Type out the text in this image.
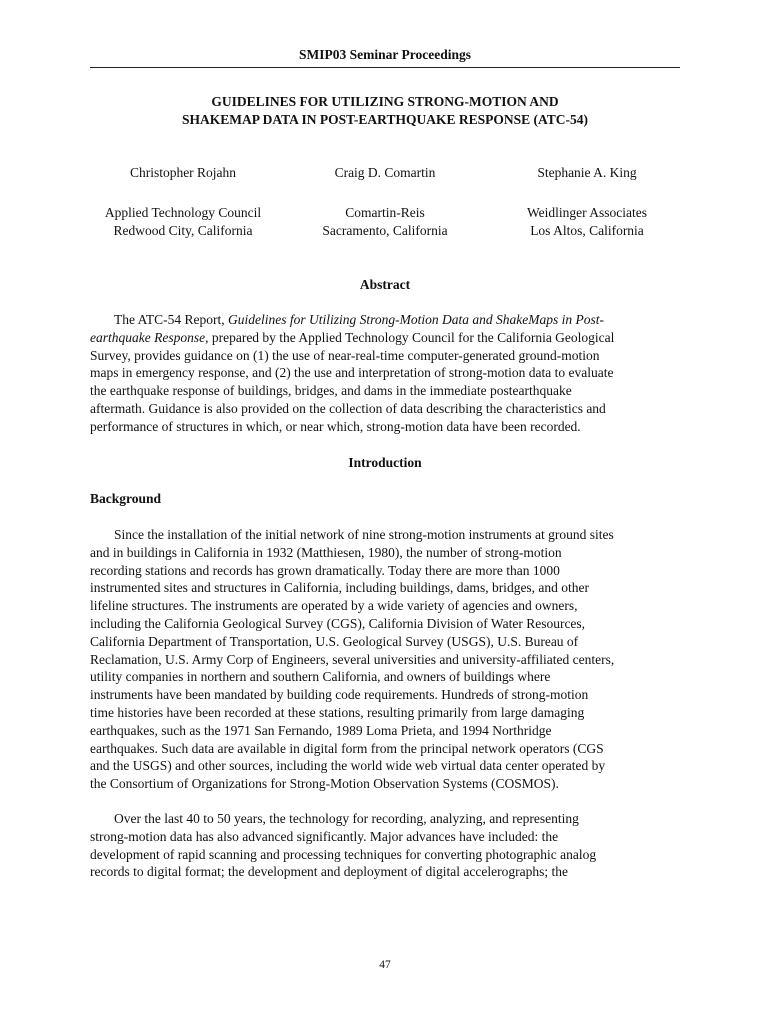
SMIP03 Seminar Proceedings
GUIDELINES FOR UTILIZING STRONG-MOTION AND
SHAKEMAP DATA IN POST-EARTHQUAKE RESPONSE (ATC-54)
Christopher Rojahn
Applied Technology Council
Redwood City, California
Craig D. Comartin
Comartin-Reis
Sacramento, California
Stephanie A. King
Weidlinger Associates
Los Altos, California
Abstract
The ATC-54 Report, Guidelines for Utilizing Strong-Motion Data and ShakeMaps in Post-
earthquake Response, prepared by the Applied Technology Council for the California Geological
Survey, provides guidance on (1) the use of near-real-time computer-generated ground-motion
maps in emergency response, and (2) the use and interpretation of strong-motion data to evaluate
the earthquake response of buildings, bridges, and dams in the immediate postearthquake
aftermath. Guidance is also provided on the collection of data describing the characteristics and
performance of structures in which, or near which, strong-motion data have been recorded.
Introduction
Background
Since the installation of the initial network of nine strong-motion instruments at ground sites
and in buildings in California in 1932 (Matthiesen, 1980), the number of strong-motion
recording stations and records has grown dramatically. Today there are more than 1000
instrumented sites and structures in California, including buildings, dams, bridges, and other
lifeline structures. The instruments are operated by a wide variety of agencies and owners,
including the California Geological Survey (CGS), California Division of Water Resources,
California Department of Transportation, U.S. Geological Survey (USGS), U.S. Bureau of
Reclamation, U.S. Army Corp of Engineers, several universities and university-affiliated centers,
utility companies in northern and southern California, and owners of buildings where
instruments have been mandated by building code requirements. Hundreds of strong-motion
time histories have been recorded at these stations, resulting primarily from large damaging
earthquakes, such as the 1971 San Fernando, 1989 Loma Prieta, and 1994 Northridge
earthquakes. Such data are available in digital form from the principal network operators (CGS
and the USGS) and other sources, including the world wide web virtual data center operated by
the Consortium of Organizations for Strong-Motion Observation Systems (COSMOS).
Over the last 40 to 50 years, the technology for recording, analyzing, and representing
strong-motion data has also advanced significantly. Major advances have included: the
development of rapid scanning and processing techniques for converting photographic analog
records to digital format; the development and deployment of digital accelerographs; the
47
